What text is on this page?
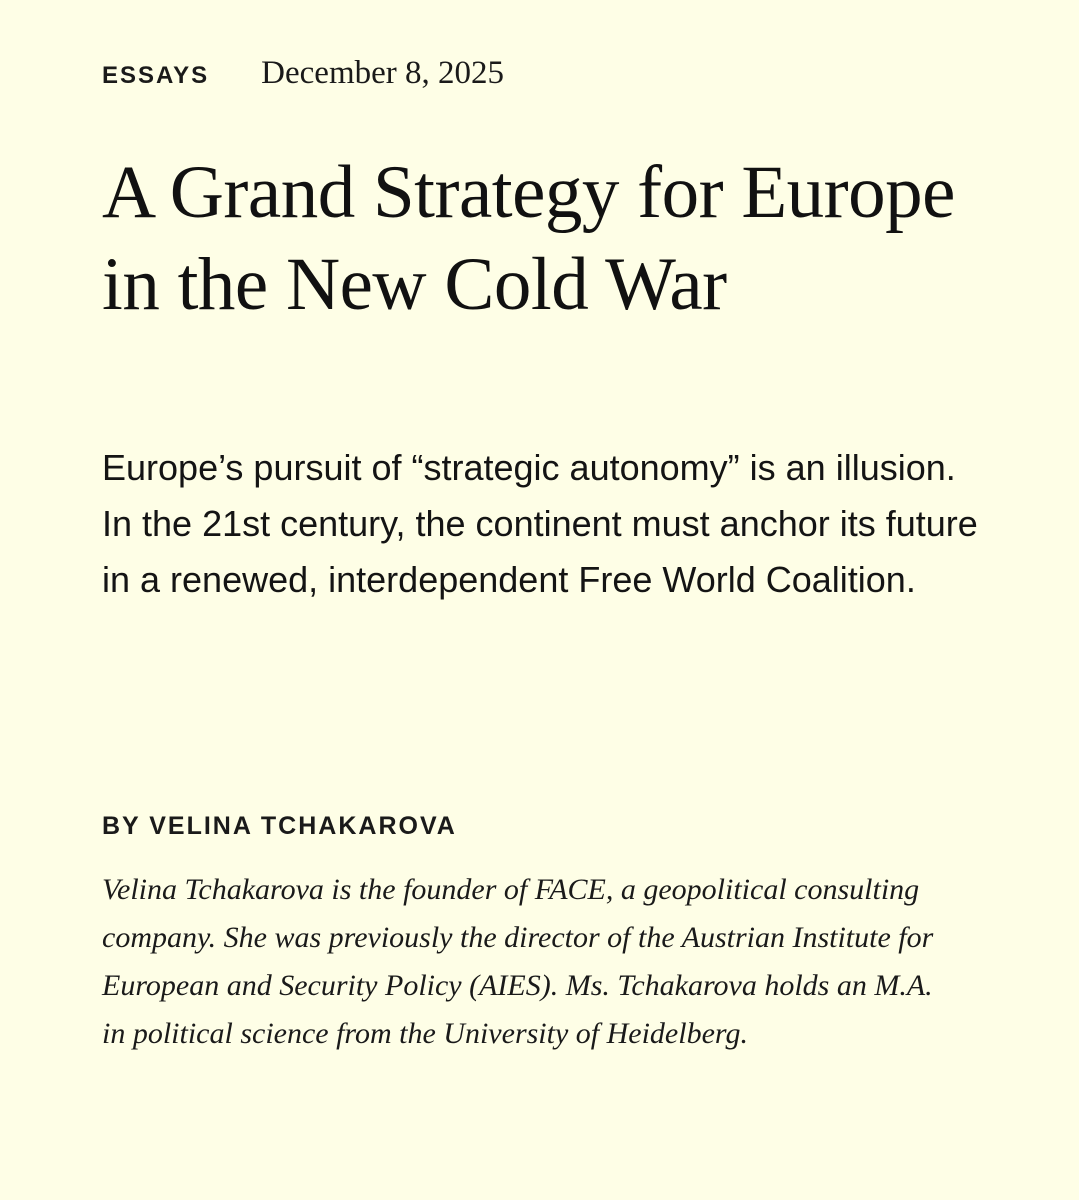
ESSAYS December 8, 2025
A Grand Strategy for Europe in the New Cold War

Europe’s pursuit of “strategic autonomy” is an illusion. In the 21st century, the continent must anchor its future in a renewed, interdependent Free World Coalition.

BY VELINA TCHAKAROVA

Velina Tchakarova is the founder of FACE, a geopolitical consulting company. She was previously the director of the Austrian Institute for European and Security Policy (AIES). Ms. Tchakarova holds an M.A. in political science from the University of Heidelberg.
